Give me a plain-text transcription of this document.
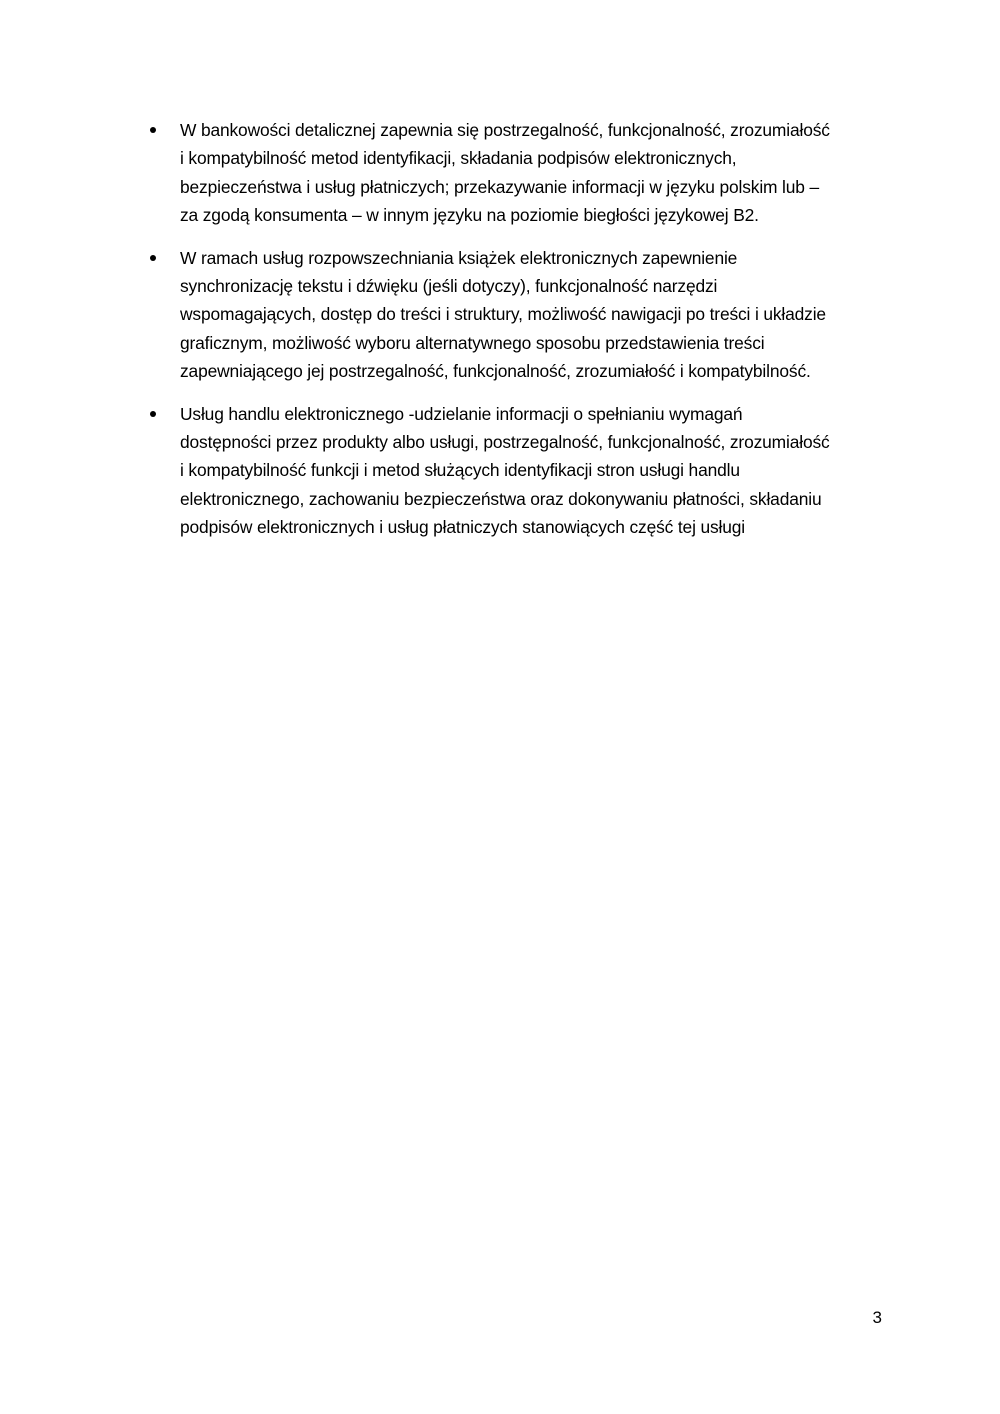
W bankowości detalicznej zapewnia się postrzegalność, funkcjonalność, zrozumiałość
i kompatybilność metod identyfikacji, składania podpisów elektronicznych,
bezpieczeństwa i usług płatniczych; przekazywanie informacji w języku polskim lub –
za zgodą konsumenta – w innym języku na poziomie biegłości językowej B2.
W ramach usług rozpowszechniania książek elektronicznych zapewnienie
synchronizację tekstu i dźwięku (jeśli dotyczy), funkcjonalność narzędzi
wspomagających, dostęp do treści i struktury, możliwość nawigacji po treści i układzie
graficznym, możliwość wyboru alternatywnego sposobu przedstawienia treści
zapewniającego jej postrzegalność, funkcjonalność, zrozumiałość i kompatybilność.
Usług handlu elektronicznego -udzielanie informacji o spełnianiu wymagań
dostępności przez produkty albo usługi, postrzegalność, funkcjonalność, zrozumiałość
i kompatybilność funkcji i metod służących identyfikacji stron usługi handlu
elektronicznego, zachowaniu bezpieczeństwa oraz dokonywaniu płatności, składaniu
podpisów elektronicznych i usług płatniczych stanowiących część tej usługi
3
